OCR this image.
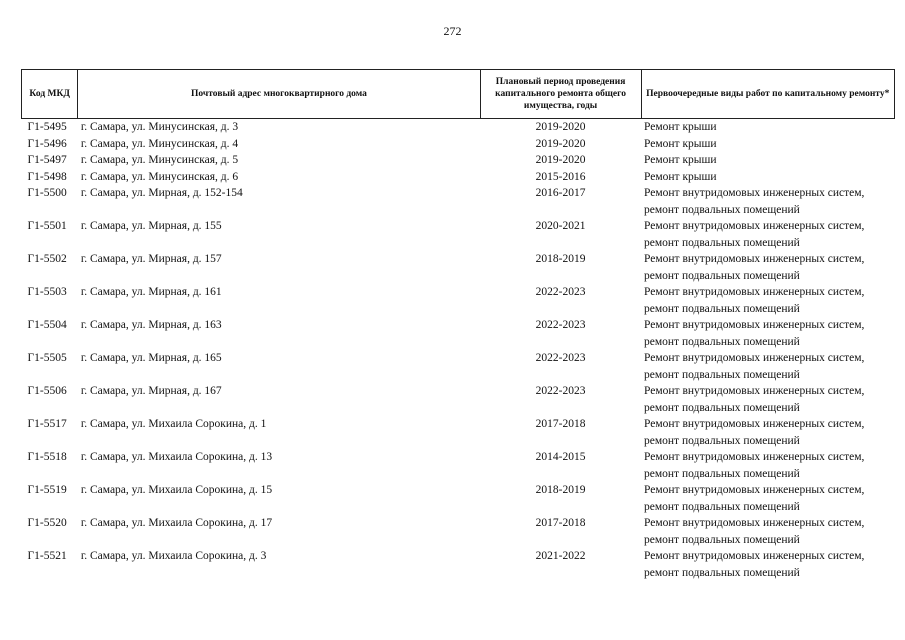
272
Код МКД	Почтовый адрес многоквартирного дома	Плановый период проведения капитального ремонта общего имущества, годы	Первоочередные виды работ по капитальному ремонту*
Г1-5495	г. Самара, ул. Минусинская, д. 3	2019-2020	Ремонт крыши

Г1-5496	г. Самара, ул. Минусинская, д. 4	2019-2020	Ремонт крыши

Г1-5497	г. Самара, ул. Минусинская, д. 5	2019-2020	Ремонт крыши

Г1-5498	г. Самара, ул. Минусинская, д. 6	2015-2016	Ремонт крыши

Г1-5500	г. Самара, ул. Мирная, д. 152-154	2016-2017	Ремонт внутридомовых инженерных систем,
ремонт подвальных помещений

Г1-5501	г. Самара, ул. Мирная, д. 155	2020-2021	Ремонт внутридомовых инженерных систем,
ремонт подвальных помещений

Г1-5502	г. Самара, ул. Мирная, д. 157	2018-2019	Ремонт внутридомовых инженерных систем,
ремонт подвальных помещений

Г1-5503	г. Самара, ул. Мирная, д. 161	2022-2023	Ремонт внутридомовых инженерных систем,
ремонт подвальных помещений

Г1-5504	г. Самара, ул. Мирная, д. 163	2022-2023	Ремонт внутридомовых инженерных систем,
ремонт подвальных помещений

Г1-5505	г. Самара, ул. Мирная, д. 165	2022-2023	Ремонт внутридомовых инженерных систем,
ремонт подвальных помещений

Г1-5506	г. Самара, ул. Мирная, д. 167	2022-2023	Ремонт внутридомовых инженерных систем,
ремонт подвальных помещений

Г1-5517	г. Самара, ул. Михаила Сорокина, д. 1	2017-2018	Ремонт внутридомовых инженерных систем,
ремонт подвальных помещений

Г1-5518	г. Самара, ул. Михаила Сорокина, д. 13	2014-2015	Ремонт внутридомовых инженерных систем,
ремонт подвальных помещений

Г1-5519	г. Самара, ул. Михаила Сорокина, д. 15	2018-2019	Ремонт внутридомовых инженерных систем,
ремонт подвальных помещений

Г1-5520	г. Самара, ул. Михаила Сорокина, д. 17	2017-2018	Ремонт внутридомовых инженерных систем,
ремонт подвальных помещений

Г1-5521	г. Самара, ул. Михаила Сорокина, д. 3	2021-2022	Ремонт внутридомовых инженерных систем,
ремонт подвальных помещений
